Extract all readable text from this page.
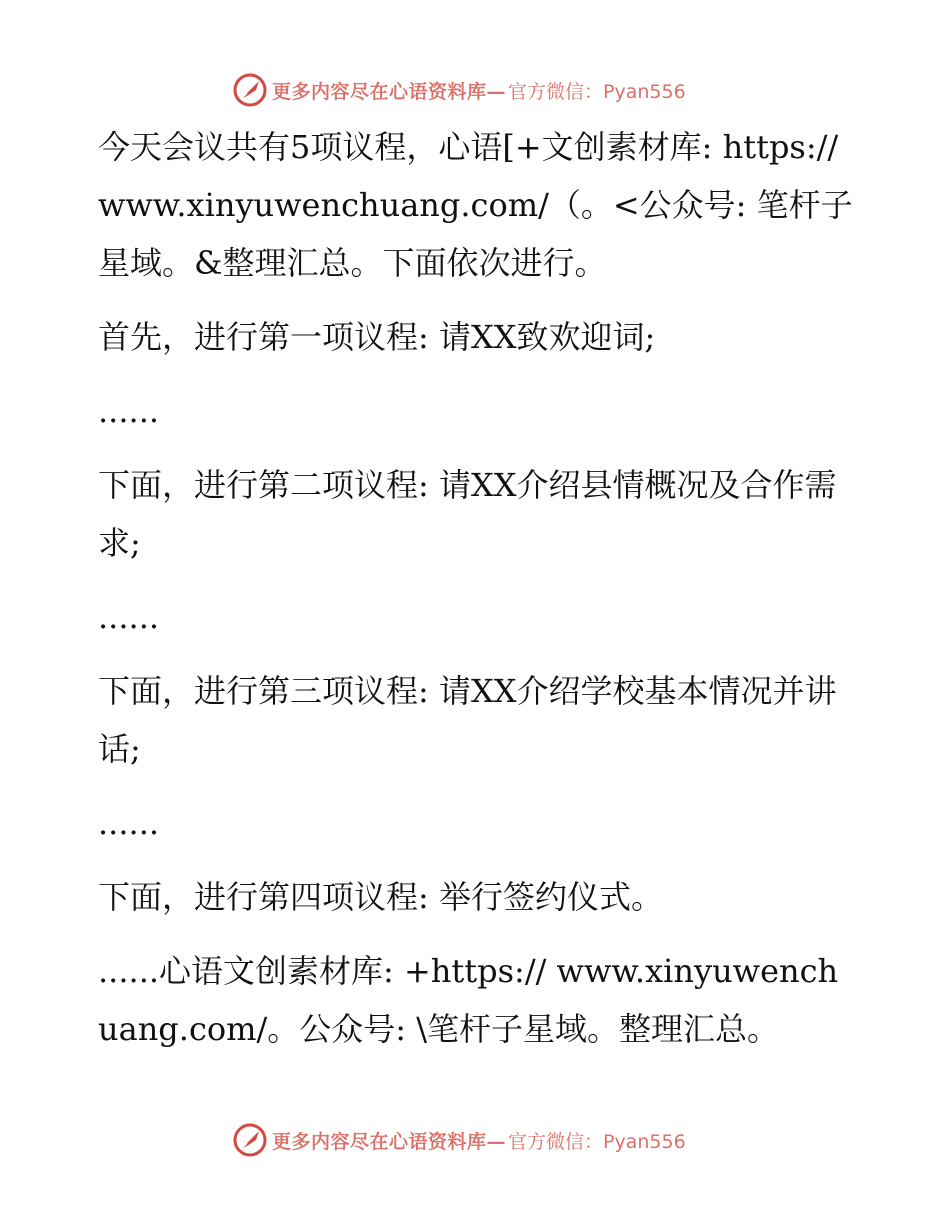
更多内容尽在心语资料库— 官方微信：Pyan556

今天会议共有5项议程，心语[+文创素材库: https://www.xinyuwenchuang.com/（。<公众号: 笔杆子星域。&整理汇总。下面依次进行。

首先，进行第一项议程: 请XX致欢迎词;

......

下面，进行第二项议程: 请XX介绍县情概况及合作需求;

......

下面，进行第三项议程: 请XX介绍学校基本情况并讲话;

......

下面，进行第四项议程: 举行签约仪式。

......心语文创素材库: +https:// www.xinyuwenchuang.com/。公众号: \笔杆子星域。整理汇总。

更多内容尽在心语资料库— 官方微信：Pyan556
